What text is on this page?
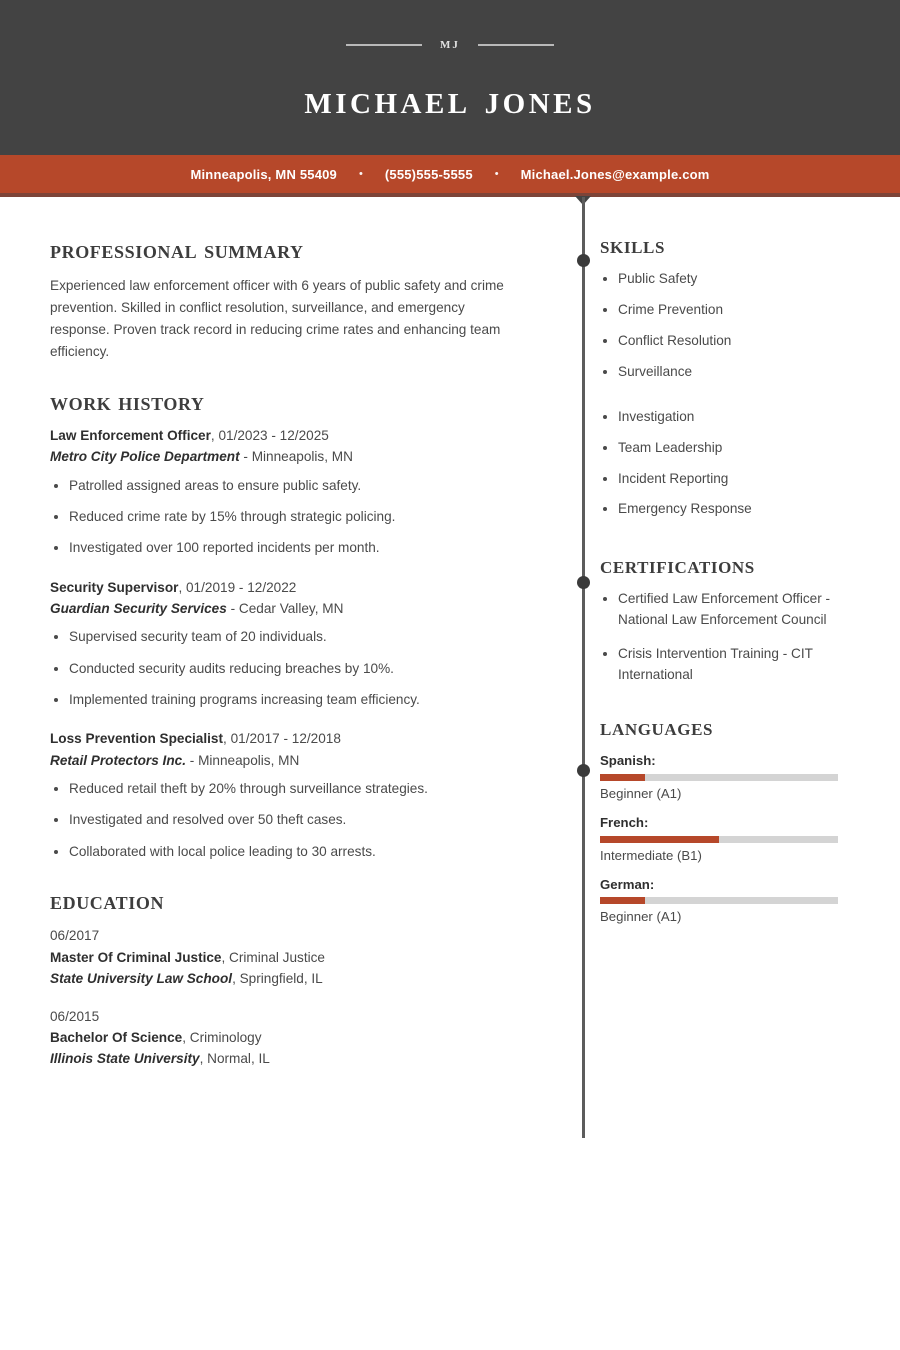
mj
michael jones
Minneapolis, MN 55409 • (555)555-5555 • Michael.Jones@example.com
professional summary
Experienced law enforcement officer with 6 years of public safety and crime prevention. Skilled in conflict resolution, surveillance, and emergency response. Proven track record in reducing crime rates and enhancing team efficiency.
work history
Law Enforcement Officer, 01/2023 - 12/2025
Metro City Police Department - Minneapolis, MN
Patrolled assigned areas to ensure public safety.
Reduced crime rate by 15% through strategic policing.
Investigated over 100 reported incidents per month.
Security Supervisor, 01/2019 - 12/2022
Guardian Security Services - Cedar Valley, MN
Supervised security team of 20 individuals.
Conducted security audits reducing breaches by 10%.
Implemented training programs increasing team efficiency.
Loss Prevention Specialist, 01/2017 - 12/2018
Retail Protectors Inc. - Minneapolis, MN
Reduced retail theft by 20% through surveillance strategies.
Investigated and resolved over 50 theft cases.
Collaborated with local police leading to 30 arrests.
education
06/2017
Master Of Criminal Justice, Criminal Justice
State University Law School, Springfield, IL
06/2015
Bachelor Of Science, Criminology
Illinois State University, Normal, IL
skills
Public Safety
Crime Prevention
Conflict Resolution
Surveillance
Investigation
Team Leadership
Incident Reporting
Emergency Response
certifications
Certified Law Enforcement Officer - National Law Enforcement Council
Crisis Intervention Training - CIT International
languages
Spanish:
Beginner (A1)
French:
Intermediate (B1)
German:
Beginner (A1)
